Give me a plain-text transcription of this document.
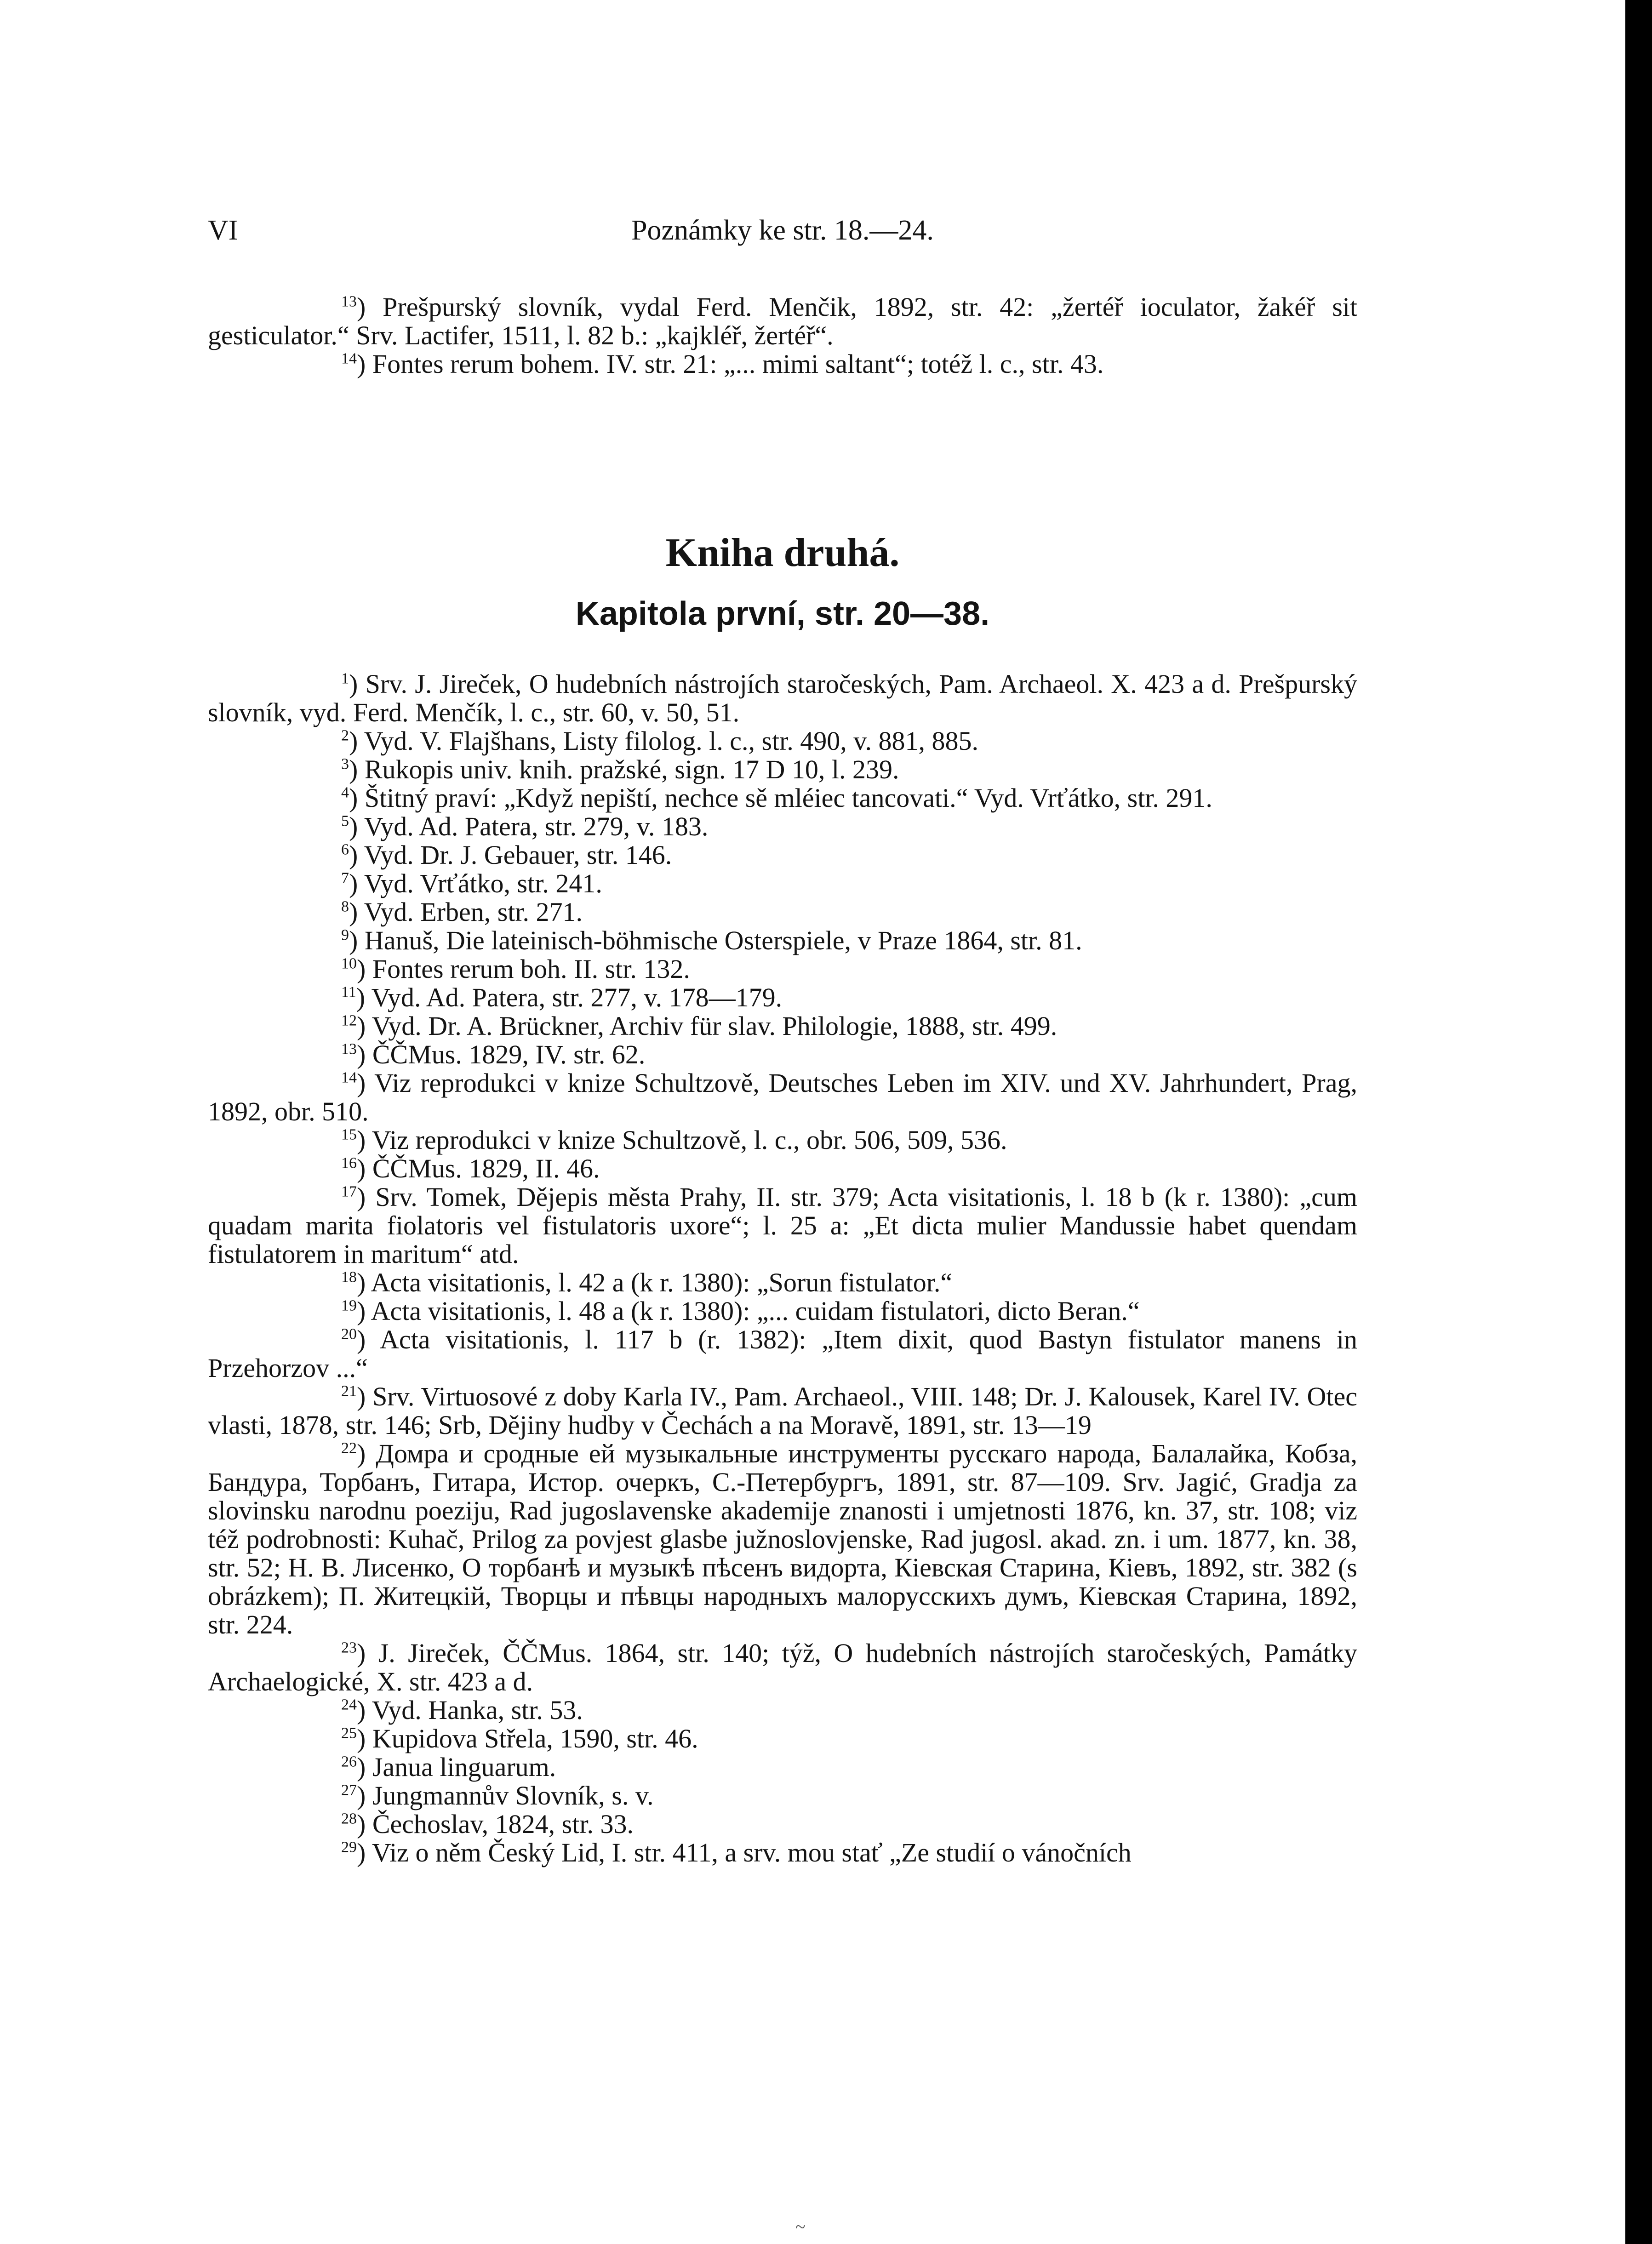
VI	Poznámky ke str. 18.—24.

$^{13}$) Prešpurský slovník, vydal Ferd. Menčik, 1892, str. 42: „žertéř ioculator, žakéř sit gesticulator.“ Srv. Lactifer, 1511, l. 82 b.: „kajkléř, žertéř“.

$^{14}$) Fontes rerum bohem. IV. str. 21: „... mimi saltant“; totéž l. c., str. 43.

Kniha druhá.
Kapitola první, str. 20—38.

$^1$) Srv. J. Jireček, O hudebních nástrojích staročeských, Pam. Archaeol. X. 423 a d. Prešpurský slovník, vyd. Ferd. Menčík, l. c., str. 60, v. 50, 51.

$^2$) Vyd. V. Flajšhans, Listy filolog. l. c., str. 490, v. 881, 885.

$^3$) Rukopis univ. knih. pražské, sign. 17 D 10, l. 239.

$^4$) Štitný praví: „Když nepiští, nechce sě mléiec tancovati.“ Vyd. Vrťátko, str. 291.

$^5$) Vyd. Ad. Patera, str. 279, v. 183.

$^6$) Vyd. Dr. J. Gebauer, str. 146.

$^7$) Vyd. Vrťátko, str. 241.

$^8$) Vyd. Erben, str. 271.

$^9$) Hanuš, Die lateinisch-böhmische Osterspiele, v Praze 1864, str. 81.

$^{10}$) Fontes rerum boh. II. str. 132.

$^{11}$) Vyd. Ad. Patera, str. 277, v. 178—179.

$^{12}$) Vyd. Dr. A. Brückner, Archiv für slav. Philologie, 1888, str. 499.

$^{13}$) ČČMus. 1829, IV. str. 62.

$^{14}$) Viz reprodukci v knize Schultzově, Deutsches Leben im XIV. und XV. Jahrhundert, Prag, 1892, obr. 510.

$^{15}$) Viz reprodukci v knize Schultzově, l. c., obr. 506, 509, 536.

$^{16}$) ČČMus. 1829, II. 46.

$^{17}$) Srv. Tomek, Dějepis města Prahy, II. str. 379; Acta visitationis, l. 18 b (k r. 1380): „cum quadam marita fiolatoris vel fistulatoris uxore“; l. 25 a: „Et dicta mulier Mandussie habet quendam fistulatorem in maritum“ atd.

$^{18}$) Acta visitationis, l. 42 a (k r. 1380): „Sorun fistulator.“

$^{19}$) Acta visitationis, l. 48 a (k r. 1380): „... cuidam fistulatori, dicto Beran.“

$^{20}$) Acta visitationis, l. 117 b (r. 1382): „Item dixit, quod Bastyn fistulator manens in Przehorzov ...“

$^{21}$) Srv. Virtuosové z doby Karla IV., Pam. Archaeol., VIII. 148; Dr. J. Kalousek, Karel IV. Otec vlasti, 1878, str. 146; Srb, Dějiny hudby v Čechách a na Moravě, 1891, str. 13—19

$^{22}$) Домра и сродные ей музыкальные инструменты русскаго народа, Балалайка, Кобза, Бандура, Торбанъ, Гитара, Истор. очеркъ, С.-Петербургъ, 1891, str. 87—109. Srv. Jagić, Gradja za slovinsku narodnu poeziju, Rad jugoslavenske akademije znanosti i umjetnosti 1876, kn. 37, str. 108; viz též podrobnosti: Kuhač, Prilog za povjest glasbe južnoslovjenske, Rad jugosl. akad. zn. i um. 1877, kn. 38, str. 52; Н. В. Лисенко, О торбанѣ и музыкѣ пѣсенъ видорта, Кіевская Старина, Кіевъ, 1892, str. 382 (s obrázkem); П. Житецкій, Творцы и пѣвцы народныхъ малорусскихъ думъ, Кіевская Старина, 1892, str. 224.

$^{23}$) J. Jireček, ČČMus. 1864, str. 140; týž, O hudebních nástrojích staročeských, Památky Archaelogické, X. str. 423 a d.

$^{24}$) Vyd. Hanka, str. 53.

$^{25}$) Kupidova Střela, 1590, str. 46.

$^{26}$) Janua linguarum.

$^{27}$) Jungmannův Slovník, s. v.

$^{28}$) Čechoslav, 1824, str. 33.

$^{29}$) Viz o něm Český Lid, I. str. 411, a srv. mou stať „Ze studií o vánočních

~
